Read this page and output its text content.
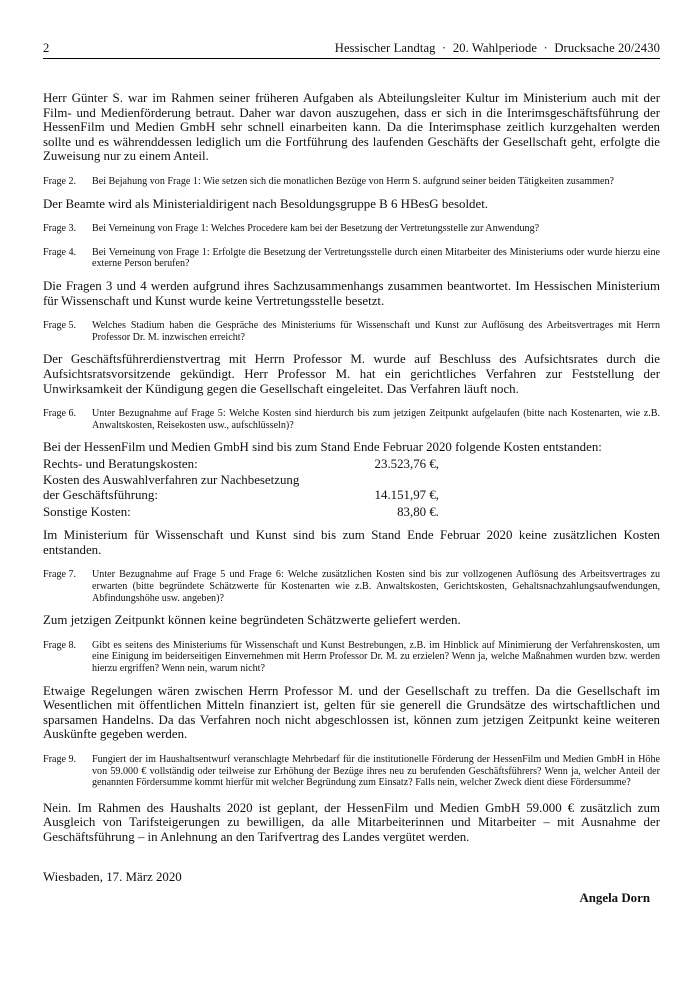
2	Hessischer Landtag  ·  20. Wahlperiode  ·  Drucksache 20/2430

Herr Günter S. war im Rahmen seiner früheren Aufgaben als Abteilungsleiter Kultur im Ministerium auch mit der Film- und Medienförderung betraut. Daher war davon auszugehen, dass er sich in die Interimsgeschäftsführung der HessenFilm und Medien GmbH sehr schnell einarbeiten kann. Da die Interimsphase zeitlich kurzgehalten werden sollte und es währenddessen lediglich um die Fortführung des laufenden Geschäfts der Gesellschaft geht, erfolgte die Zuweisung nur zu einem Anteil.

Frage 2.	Bei Bejahung von Frage 1: Wie setzen sich die monatlichen Bezüge von Herrn S. aufgrund seiner beiden Tätigkeiten zusammen?

Der Beamte wird als Ministerialdirigent nach Besoldungsgruppe B 6 HBesG besoldet.

Frage 3.	Bei Verneinung von Frage 1: Welches Procedere kam bei der Besetzung der Vertretungsstelle zur Anwendung?
Frage 4.	Bei Verneinung von Frage 1: Erfolgte die Besetzung der Vertretungsstelle durch einen Mitarbeiter des Ministeriums oder wurde hierzu eine externe Person berufen?

Die Fragen 3 und 4 werden aufgrund ihres Sachzusammenhangs zusammen beantwortet. Im Hessischen Ministerium für Wissenschaft und Kunst wurde keine Vertretungsstelle besetzt.

Frage 5.	Welches Stadium haben die Gespräche des Ministeriums für Wissenschaft und Kunst zur Auflösung des Arbeitsvertrages mit Herrn Professor Dr. M. inzwischen erreicht?

Der Geschäftsführerdienstvertrag mit Herrn Professor M. wurde auf Beschluss des Aufsichtsrates durch die Aufsichtsratsvorsitzende gekündigt. Herr Professor M. hat ein gerichtliches Verfahren zur Feststellung der Unwirksamkeit der Kündigung gegen die Gesellschaft eingeleitet. Das Verfahren läuft noch.

Frage 6.	Unter Bezugnahme auf Frage 5: Welche Kosten sind hierdurch bis zum jetzigen Zeitpunkt aufgelaufen (bitte nach Kostenarten, wie z.B. Anwaltskosten, Reisekosten usw., aufschlüsseln)?

Bei der HessenFilm und Medien GmbH sind bis zum Stand Ende Februar 2020 folgende Kosten entstanden:

Rechts- und Beratungskosten:	23.523,76 €,
Kosten des Auswahlverfahren zur Nachbesetzung
der Geschäftsführung:	14.151,97 €,
Sonstige Kosten:	83,80 €.

Im Ministerium für Wissenschaft und Kunst sind bis zum Stand Ende Februar 2020 keine zusätzlichen Kosten entstanden.

Frage 7.	Unter Bezugnahme auf Frage 5 und Frage 6: Welche zusätzlichen Kosten sind bis zur vollzogenen Auflösung des Arbeitsvertrages zu erwarten (bitte begründete Schätzwerte für Kostenarten wie z.B. Anwaltskosten, Gerichtskosten, Gehaltsnachzahlungsaufwendungen, Abfindungshöhe usw. angeben)?

Zum jetzigen Zeitpunkt können keine begründeten Schätzwerte geliefert werden.

Frage 8.	Gibt es seitens des Ministeriums für Wissenschaft und Kunst Bestrebungen, z.B. im Hinblick auf Minimierung der Verfahrenskosten, um eine Einigung im beiderseitigen Einvernehmen mit Herrn Professor Dr. M. zu erzielen? Wenn ja, welche Maßnahmen wurden bzw. werden hierzu ergriffen? Wenn nein, warum nicht?

Etwaige Regelungen wären zwischen Herrn Professor M. und der Gesellschaft zu treffen. Da die Gesellschaft im Wesentlichen mit öffentlichen Mitteln finanziert ist, gelten für sie generell die Grundsätze des wirtschaftlichen und sparsamen Handelns. Da das Verfahren noch nicht abgeschlossen ist, können zum jetzigen Zeitpunkt keine weiteren Auskünfte gegeben werden.

Frage 9.	Fungiert der im Haushaltsentwurf veranschlagte Mehrbedarf für die institutionelle Förderung der HessenFilm und Medien GmbH in Höhe von 59.000 € vollständig oder teilweise zur Erhöhung der Bezüge ihres neu zu berufenden Geschäftsführers? Wenn ja, welcher Anteil der genannten Fördersumme kommt hierfür mit welcher Begründung zum Einsatz? Falls nein, welcher Zweck dient diese Fördersumme?

Nein. Im Rahmen des Haushalts 2020 ist geplant, der HessenFilm und Medien GmbH 59.000 € zusätzlich zum Ausgleich von Tarifsteigerungen zu bewilligen, da alle Mitarbeiterinnen und Mitarbeiter – mit Ausnahme der Geschäftsführung – in Anlehnung an den Tarifvertrag des Landes vergütet werden.

Wiesbaden, 17. März 2020
Angela Dorn
